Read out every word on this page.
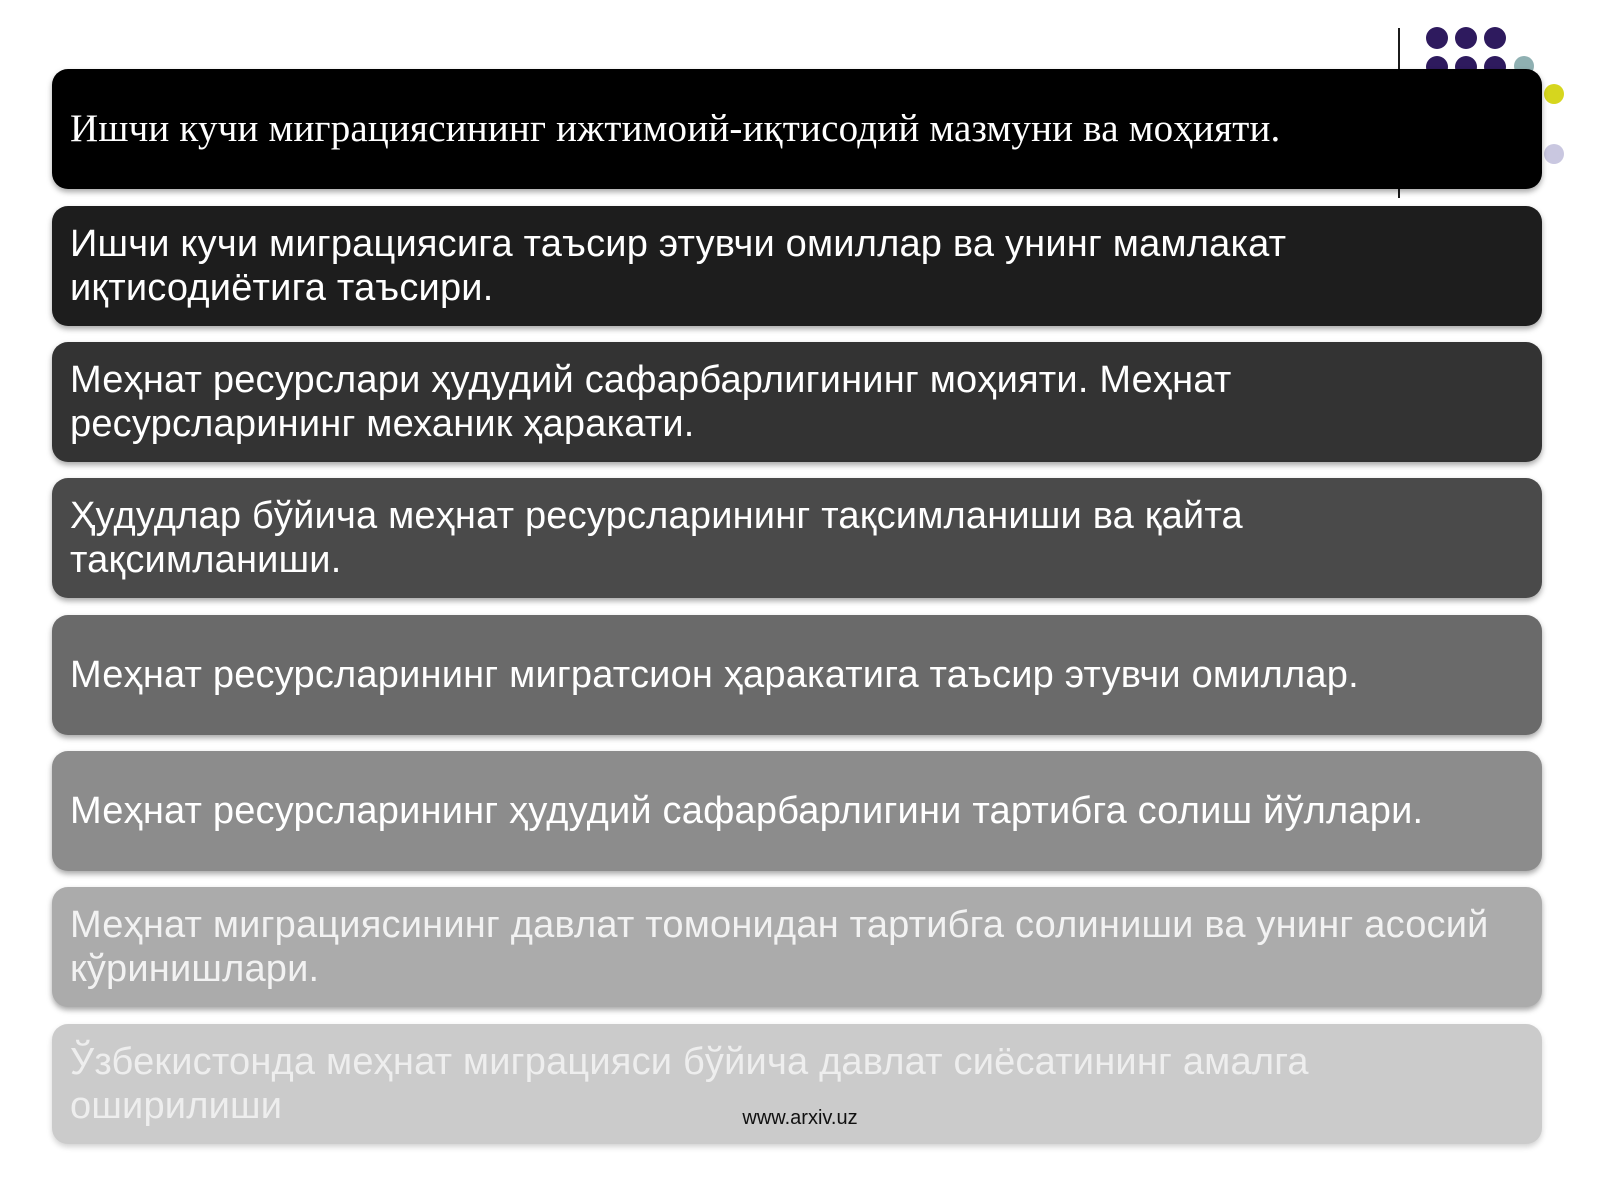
Ишчи кучи миграциясининг ижтимоий-иқтисодий мазмуни ва моҳияти.
Ишчи кучи миграциясига таъсир этувчи омиллар ва унинг мамлакат иқтисодиётига таъсири.
Меҳнат ресурслари ҳудудий сафарбарлигининг моҳияти. Меҳнат ресурсларининг механик ҳаракати.
Ҳудудлар бўйича меҳнат ресурсларининг тақсимланиши ва қайта тақсимланиши.
Меҳнат ресурсларининг мигратсион ҳаракатига таъсир этувчи омиллар.
Меҳнат ресурсларининг ҳудудий сафарбарлигини тартибга солиш йўллари.
Меҳнат миграциясининг давлат томонидан тартибга солиниши ва унинг асосий кўринишлари.
Ўзбекистонда меҳнат миграцияси бўйича давлат сиёсатининг амалга оширилиши	www.arxiv.uz
